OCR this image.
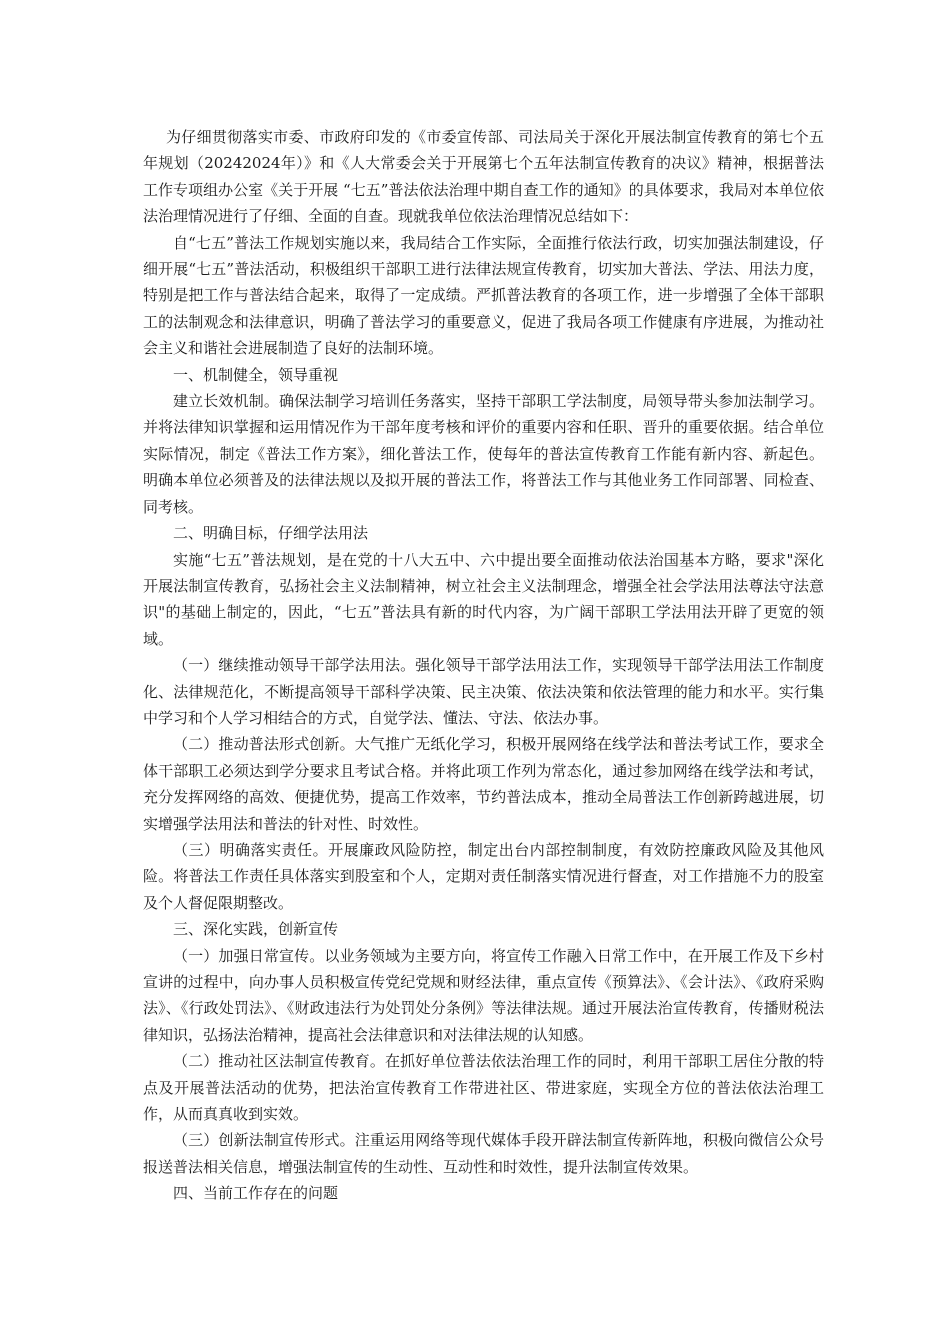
为仔细贯彻落实市委、市政府印发的《市委宣传部、司法局关于深化开展法制宣传教育的第七个五年规划（20242024年）》和《人大常委会关于开展第七个五年法制宣传教育的决议》精神，根据普法工作专项组办公室《关于开展 “七五”普法依法治理中期自查工作的通知》的具体要求，我局对本单位依法治理情况进行了仔细、全面的自查。现就我单位依法治理情况总结如下：

自“七五”普法工作规划实施以来，我局结合工作实际，全面推行依法行政，切实加强法制建设，仔细开展“七五”普法活动，积极组织干部职工进行法律法规宣传教育，切实加大普法、学法、用法力度，特别是把工作与普法结合起来，取得了一定成绩。严抓普法教育的各项工作，进一步增强了全体干部职工的法制观念和法律意识，明确了普法学习的重要意义，促进了我局各项工作健康有序进展，为推动社会主义和谐社会进展制造了良好的法制环境。

一、机制健全，领导重视

建立长效机制。确保法制学习培训任务落实，坚持干部职工学法制度，局领导带头参加法制学习。并将法律知识掌握和运用情况作为干部年度考核和评价的重要内容和任职、晋升的重要依据。结合单位实际情况，制定《普法工作方案》，细化普法工作，使每年的普法宣传教育工作能有新内容、新起色。明确本单位必须普及的法律法规以及拟开展的普法工作，将普法工作与其他业务工作同部署、同检查、同考核。

二、明确目标，仔细学法用法

实施“七五”普法规划，是在党的十八大五中、六中提出要全面推动依法治国基本方略，要求"深化开展法制宣传教育，弘扬社会主义法制精神，树立社会主义法制理念，增强全社会学法用法尊法守法意识"的基础上制定的，因此，“七五”普法具有新的时代内容，为广阔干部职工学法用法开辟了更宽的领域。

（一）继续推动领导干部学法用法。强化领导干部学法用法工作，实现领导干部学法用法工作制度化、法律规范化，不断提高领导干部科学决策、民主决策、依法决策和依法管理的能力和水平。实行集中学习和个人学习相结合的方式，自觉学法、懂法、守法、依法办事。

（二）推动普法形式创新。大气推广无纸化学习，积极开展网络在线学法和普法考试工作，要求全体干部职工必须达到学分要求且考试合格。并将此项工作列为常态化，通过参加网络在线学法和考试，充分发挥网络的高效、便捷优势，提高工作效率，节约普法成本，推动全局普法工作创新跨越进展，切实增强学法用法和普法的针对性、时效性。

（三）明确落实责任。开展廉政风险防控，制定出台内部控制制度，有效防控廉政风险及其他风险。将普法工作责任具体落实到股室和个人，定期对责任制落实情况进行督查，对工作措施不力的股室及个人督促限期整改。

三、深化实践，创新宣传

（一）加强日常宣传。以业务领域为主要方向，将宣传工作融入日常工作中，在开展工作及下乡村宣讲的过程中，向办事人员积极宣传党纪党规和财经法律，重点宣传《预算法》、《会计法》、《政府采购法》、《行政处罚法》、《财政违法行为处罚处分条例》等法律法规。通过开展法治宣传教育，传播财税法律知识，弘扬法治精神，提高社会法律意识和对法律法规的认知感。

（二）推动社区法制宣传教育。在抓好单位普法依法治理工作的同时，利用干部职工居住分散的特点及开展普法活动的优势，把法治宣传教育工作带进社区、带进家庭，实现全方位的普法依法治理工作，从而真真收到实效。

（三）创新法制宣传形式。注重运用网络等现代媒体手段开辟法制宣传新阵地，积极向微信公众号报送普法相关信息，增强法制宣传的生动性、互动性和时效性，提升法制宣传效果。

四、当前工作存在的问题
